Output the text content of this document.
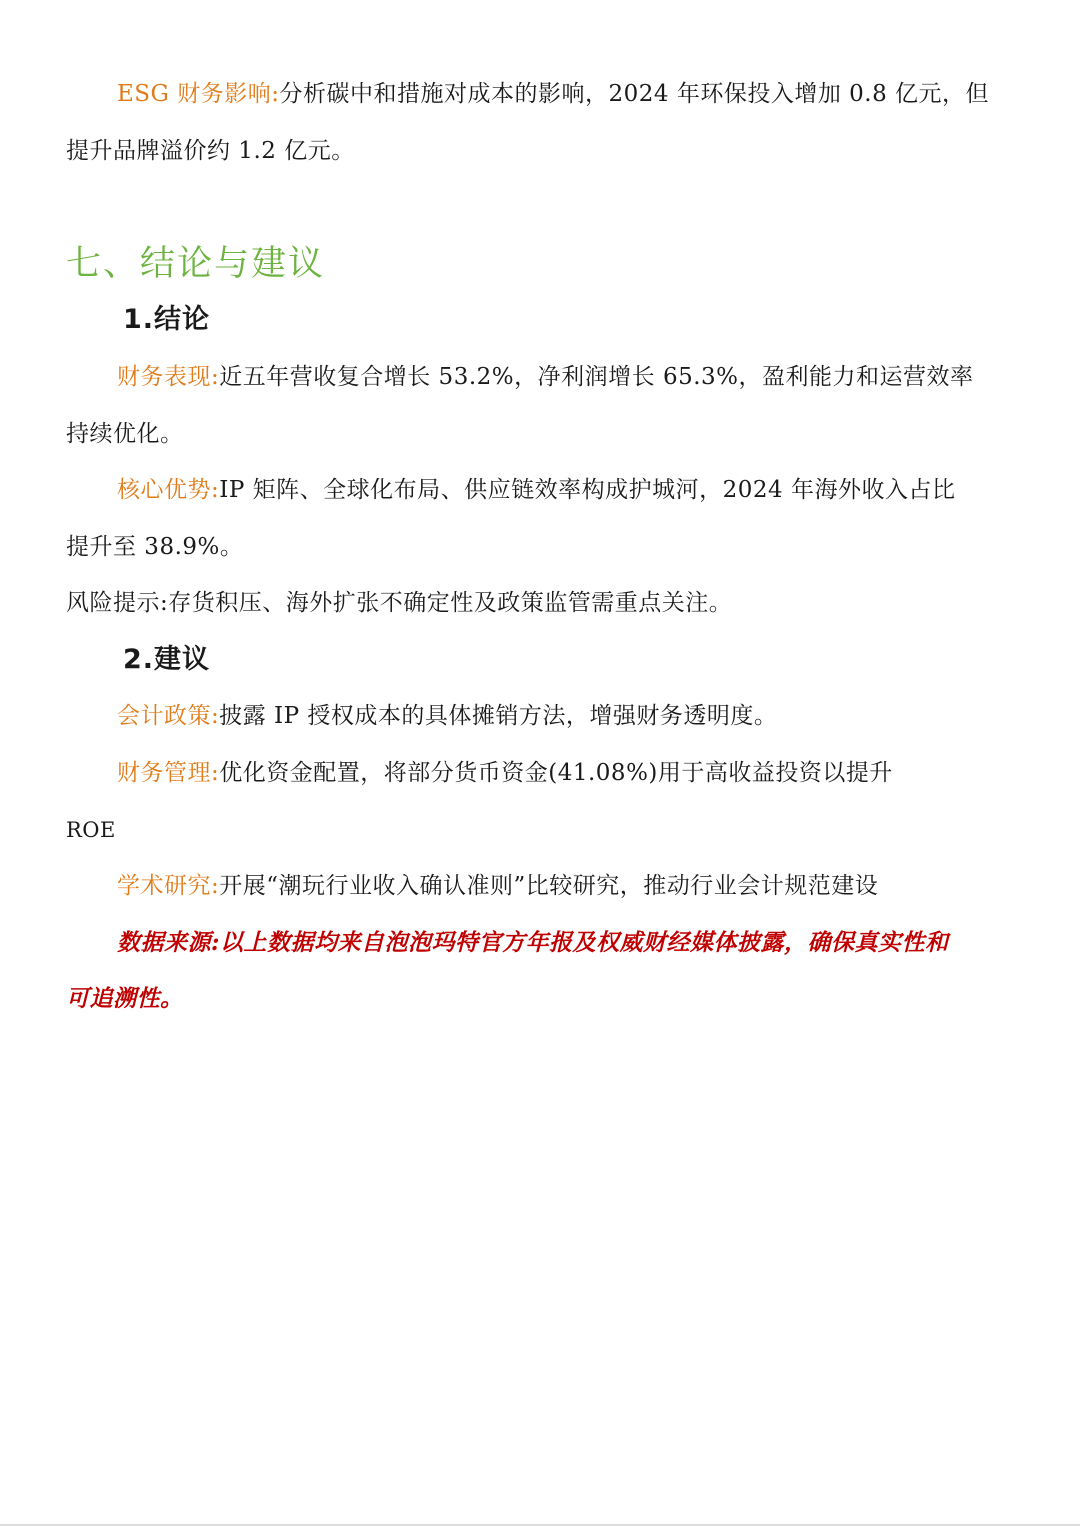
ESG 财务影响:分析碳中和措施对成本的影响，2024 年环保投入增加 0.8 亿元，但
提升品牌溢价约 1.2 亿元。
七、结论与建议
1.结论
财务表现:近五年营收复合增长 53.2%，净利润增长 65.3%，盈利能力和运营效率
持续优化。
核心优势:IP 矩阵、全球化布局、供应链效率构成护城河，2024 年海外收入占比
提升至 38.9%。
风险提示:存货积压、海外扩张不确定性及政策监管需重点关注。
2.建议
会计政策:披露 IP 授权成本的具体摊销方法，增强财务透明度。
财务管理:优化资金配置，将部分货币资金(41.08%)用于高收益投资以提升
ROE
学术研究:开展“潮玩行业收入确认准则”比较研究，推动行业会计规范建设
数据来源:以上数据均来自泡泡玛特官方年报及权威财经媒体披露，确保真实性和
可追溯性。
